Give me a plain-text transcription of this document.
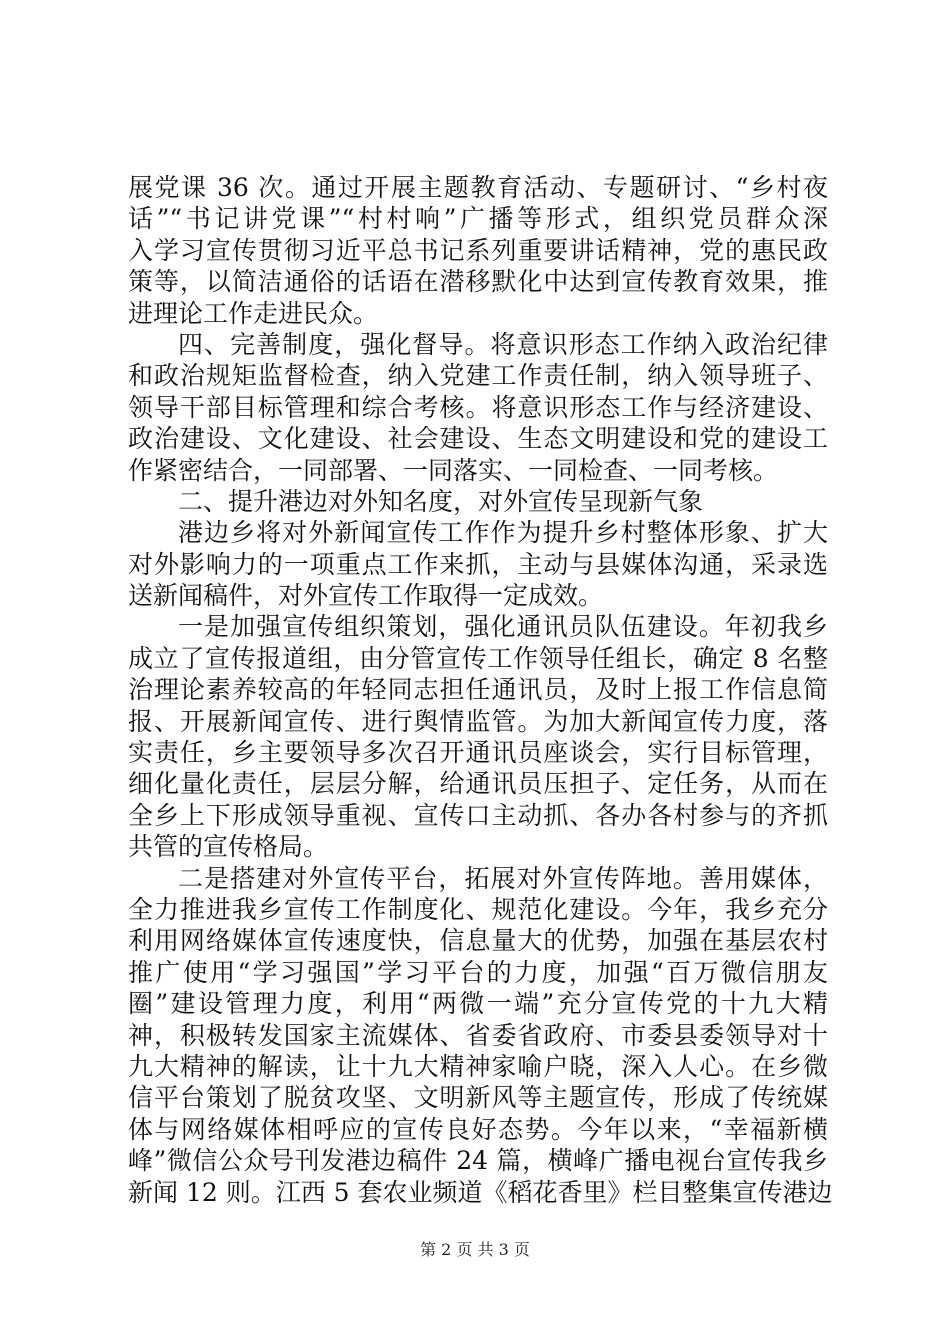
展党课 36 次。通过开展主题教育活动、专题研讨、“乡村夜
话”“书记讲党课”“村村响”广播等形式，组织党员群众深
入学习宣传贯彻习近平总书记系列重要讲话精神，党的惠民政
策等，以简洁通俗的话语在潜移默化中达到宣传教育效果，推
进理论工作走进民众。
四、完善制度，强化督导。将意识形态工作纳入政治纪律
和政治规矩监督检查，纳入党建工作责任制，纳入领导班子、
领导干部目标管理和综合考核。将意识形态工作与经济建设、
政治建设、文化建设、社会建设、生态文明建设和党的建设工
作紧密结合，一同部署、一同落实、一同检查、一同考核。
二、提升港边对外知名度，对外宣传呈现新气象
港边乡将对外新闻宣传工作作为提升乡村整体形象、扩大
对外影响力的一项重点工作来抓，主动与县媒体沟通，采录选
送新闻稿件，对外宣传工作取得一定成效。
一是加强宣传组织策划，强化通讯员队伍建设。年初我乡
成立了宣传报道组，由分管宣传工作领导任组长，确定 8 名整
治理论素养较高的年轻同志担任通讯员，及时上报工作信息简
报、开展新闻宣传、进行舆情监管。为加大新闻宣传力度，落
实责任，乡主要领导多次召开通讯员座谈会，实行目标管理，
细化量化责任，层层分解，给通讯员压担子、定任务，从而在
全乡上下形成领导重视、宣传口主动抓、各办各村参与的齐抓
共管的宣传格局。
二是搭建对外宣传平台，拓展对外宣传阵地。善用媒体，
全力推进我乡宣传工作制度化、规范化建设。今年，我乡充分
利用网络媒体宣传速度快，信息量大的优势，加强在基层农村
推广使用“学习强国”学习平台的力度，加强“百万微信朋友
圈”建设管理力度，利用“两微一端”充分宣传党的十九大精
神，积极转发国家主流媒体、省委省政府、市委县委领导对十
九大精神的解读，让十九大精神家喻户晓，深入人心。在乡微
信平台策划了脱贫攻坚、文明新风等主题宣传，形成了传统媒
体与网络媒体相呼应的宣传良好态势。今年以来，“幸福新横
峰”微信公众号刊发港边稿件 24 篇，横峰广播电视台宣传我乡
新闻 12 则。江西 5 套农业频道《稻花香里》栏目整集宣传港边
第 2 页 共 3 页
